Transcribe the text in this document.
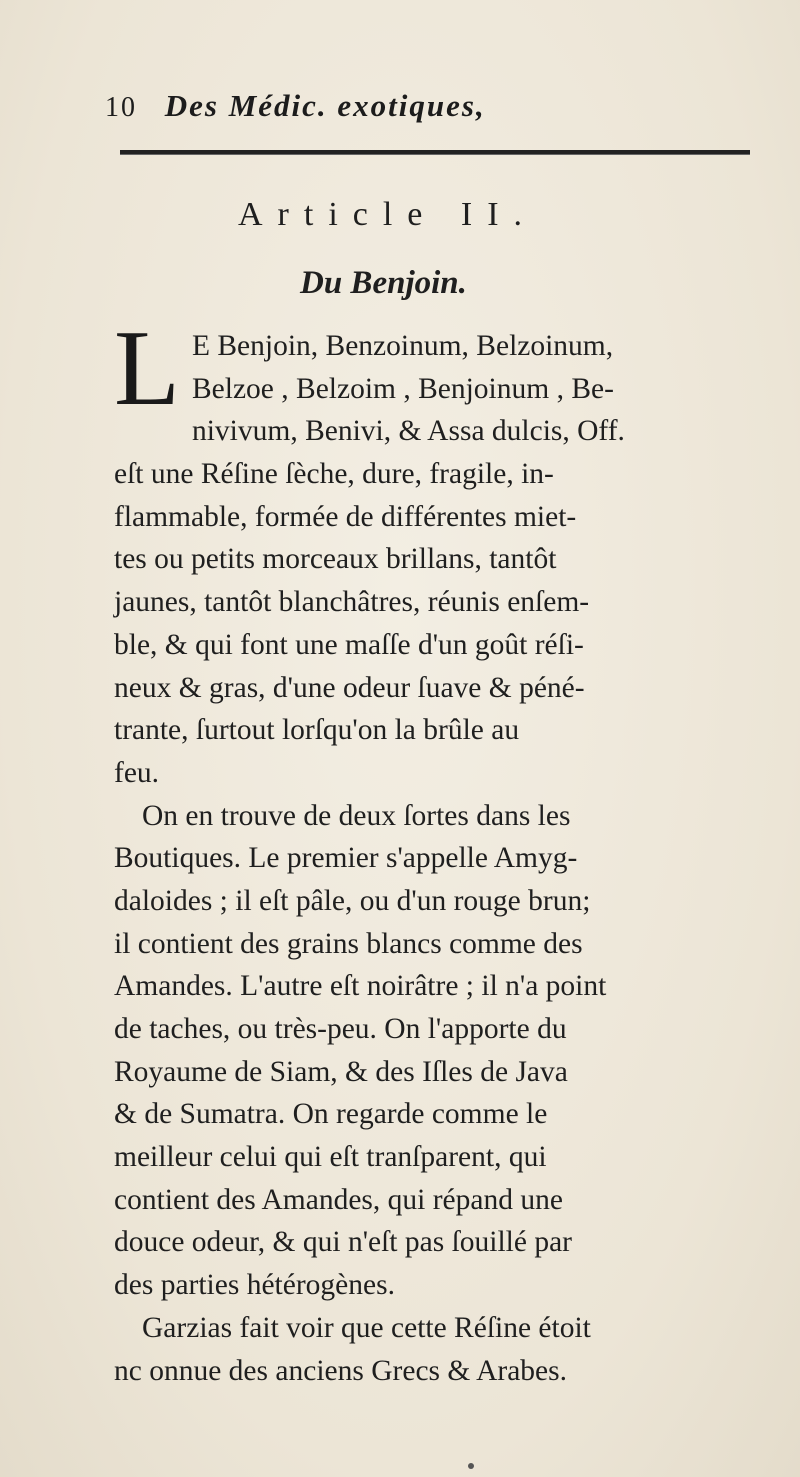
10 Des Médic. exotiques,
Article II.
Du Benjoin.
L E Benjoin, Benzoinum, Belzoinum,
Belzoe , Belzoim , Benjoinum , Be-
nivivum, Benivi, & Assa dulcis, Off.
eſt une Réſine ſèche, dure, fragile, in-
flammable, formée de différentes miet-
tes ou petits morceaux brillans, tantôt
jaunes, tantôt blanchâtres, réunis enſem-
ble, & qui font une maſſe d'un goût réſi-
neux & gras, d'une odeur ſuave & péné-
trante, ſurtout lorſqu'on la brûle au
feu.
On en trouve de deux ſortes dans les
Boutiques. Le premier s'appelle Amyg-
daloides ; il eſt pâle, ou d'un rouge brun;
il contient des grains blancs comme des
Amandes. L'autre eſt noirâtre ; il n'a point
de taches, ou très-peu. On l'apporte du
Royaume de Siam, & des Iſles de Java
& de Sumatra. On regarde comme le
meilleur celui qui eſt tranſparent, qui
contient des Amandes, qui répand une
douce odeur, & qui n'eſt pas ſouillé par
des parties hétérogènes.
Garzias fait voir que cette Réſine étoit
nc onnue des anciens Grecs & Arabes.
